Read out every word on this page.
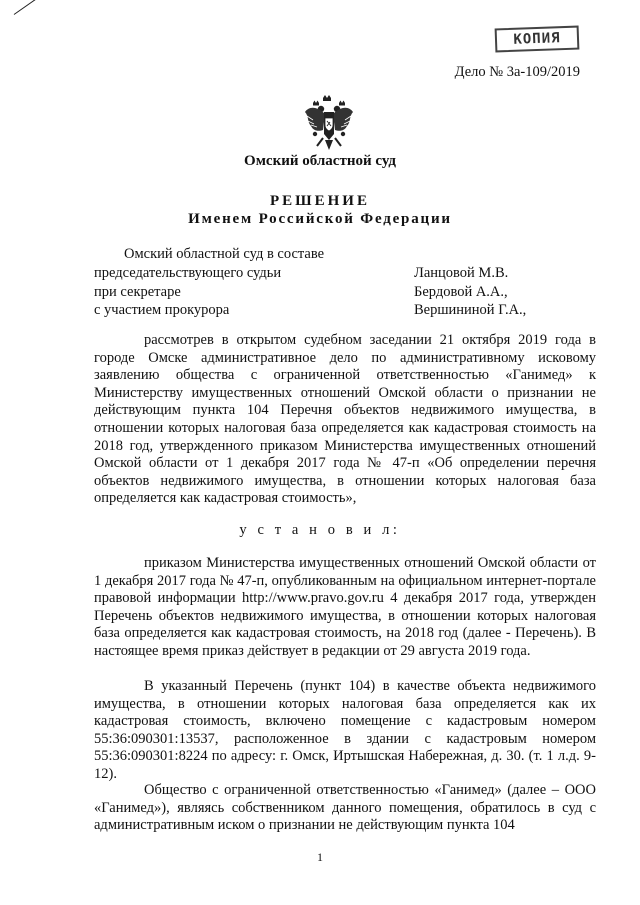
КОПИЯ
Дело № 3а-109/2019
Омский областной суд
РЕШЕНИЕ
Именем Российской Федерации
Омский областной суд в составе
председательствующего судьи	Ланцовой М.В.
при секретаре	Бердовой А.А.,
с участием прокурора	Вершининой Г.А.,

рассмотрев в открытом судебном заседании 21 октября 2019 года в городе Омске административное дело по административному исковому заявлению общества с ограниченной ответственностью «Ганимед» к Министерству имущественных отношений Омской области о признании не действующим пункта 104 Перечня объектов недвижимого имущества, в отношении которых налоговая база определяется как кадастровая стоимость на 2018 год, утвержденного приказом Министерства имущественных отношений Омской области от 1 декабря 2017 года № 47-п «Об определении перечня объектов недвижимого имущества, в отношении которых налоговая база определяется как кадастровая стоимость»,

у с т а н о в и л:

приказом Министерства имущественных отношений Омской области от 1 декабря 2017 года № 47-п, опубликованным на официальном интернет-портале правовой информации http://www.pravo.gov.ru 4 декабря 2017 года, утвержден Перечень объектов недвижимого имущества, в отношении которых налоговая база определяется как кадастровая стоимость, на 2018 год (далее - Перечень). В настоящее время приказ действует в редакции от 29 августа 2019 года.

В указанный Перечень (пункт 104) в качестве объекта недвижимого имущества, в отношении которых налоговая база определяется как их кадастровая стоимость, включено помещение с кадастровым номером 55:36:090301:13537, расположенное в здании с кадастровым номером 55:36:090301:8224 по адресу: г. Омск, Иртышская Набережная, д. 30. (т. 1 л.д. 9-12).

Общество с ограниченной ответственностью «Ганимед» (далее – ООО «Ганимед»), являясь собственником данного помещения, обратилось в суд с административным иском о признании не действующим пункта 104

1
